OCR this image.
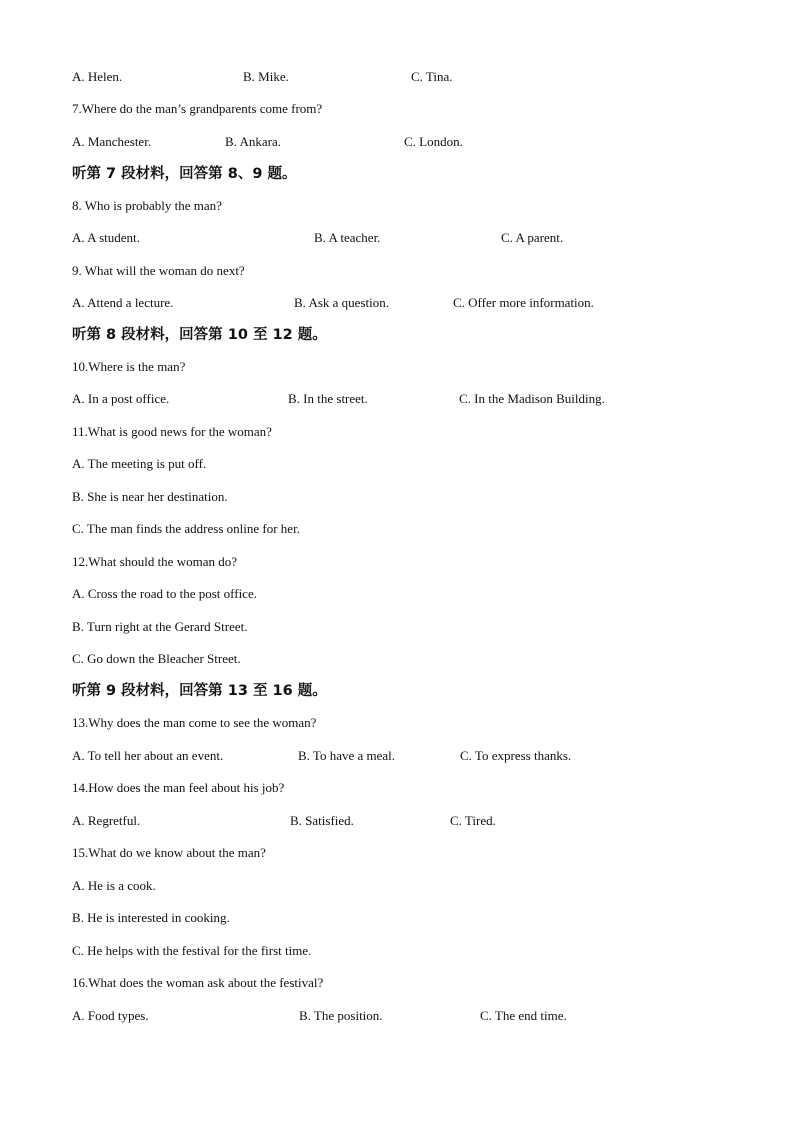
A. Helen.	B. Mike.	C. Tina.
7.Where do the man’s grandparents come from?
A. Manchester.	B. Ankara.	C. London.
听第 7 段材料，回答第 8、9 题。
8. Who is probably the man?
A. A student.	B. A teacher.	C. A parent.
9. What will the woman do next?
A. Attend a lecture.	B. Ask a question.	C. Offer more information.
听第 8 段材料，回答第 10 至 12 题。
10.Where is the man?
A. In a post office.	B. In the street.	C. In the Madison Building.
11.What is good news for the woman?
A. The meeting is put off.
B. She is near her destination.
C. The man finds the address online for her.
12.What should the woman do?
A. Cross the road to the post office.
B. Turn right at the Gerard Street.
C. Go down the Bleacher Street.
听第 9 段材料，回答第 13 至 16 题。
13.Why does the man come to see the woman?
A. To tell her about an event.	B. To have a meal.	C. To express thanks.
14.How does the man feel about his job?
A. Regretful.	B. Satisfied.	C. Tired.
15.What do we know about the man?
A. He is a cook.
B. He is interested in cooking.
C. He helps with the festival for the first time.
16.What does the woman ask about the festival?
A. Food types.	B. The position.	C. The end time.
